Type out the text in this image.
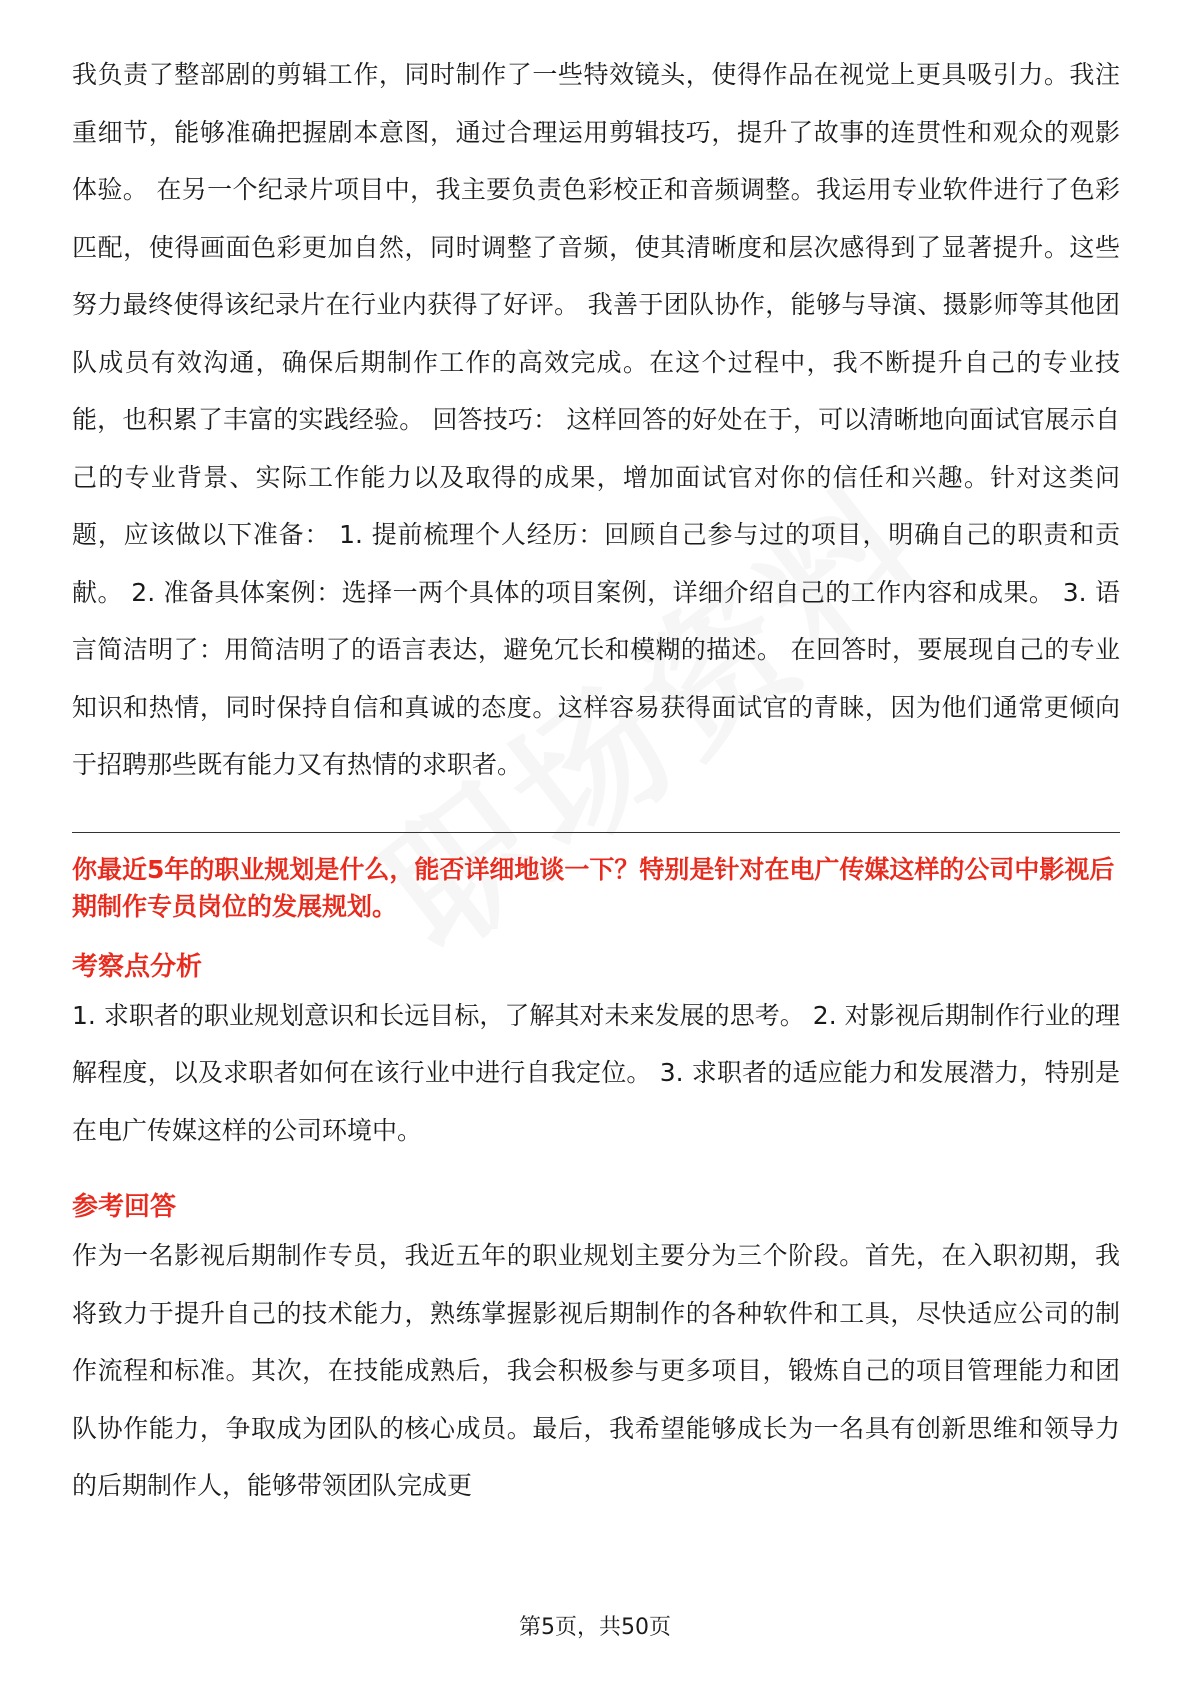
我负责了整部剧的剪辑工作，同时制作了一些特效镜头，使得作品在视觉上更具吸引力。我注重细节，能够准确把握剧本意图，通过合理运用剪辑技巧，提升了故事的连贯性和观众的观影体验。 在另一个纪录片项目中，我主要负责色彩校正和音频调整。我运用专业软件进行了色彩匹配，使得画面色彩更加自然，同时调整了音频，使其清晰度和层次感得到了显著提升。这些努力最终使得该纪录片在行业内获得了好评。 我善于团队协作，能够与导演、摄影师等其他团队成员有效沟通，确保后期制作工作的高效完成。在这个过程中，我不断提升自己的专业技能，也积累了丰富的实践经验。 回答技巧： 这样回答的好处在于，可以清晰地向面试官展示自己的专业背景、实际工作能力以及取得的成果，增加面试官对你的信任和兴趣。针对这类问题，应该做以下准备： 1. 提前梳理个人经历：回顾自己参与过的项目，明确自己的职责和贡献。 2. 准备具体案例：选择一两个具体的项目案例，详细介绍自己的工作内容和成果。 3. 语言简洁明了：用简洁明了的语言表达，避免冗长和模糊的描述。 在回答时，要展现自己的专业知识和热情，同时保持自信和真诚的态度。这样容易获得面试官的青睐，因为他们通常更倾向于招聘那些既有能力又有热情的求职者。

你最近5年的职业规划是什么，能否详细地谈一下？特别是针对在电广传媒这样的公司中影视后期制作专员岗位的发展规划。

考察点分析

1. 求职者的职业规划意识和长远目标，了解其对未来发展的思考。 2. 对影视后期制作行业的理解程度，以及求职者如何在该行业中进行自我定位。 3. 求职者的适应能力和发展潜力，特别是在电广传媒这样的公司环境中。

参考回答

作为一名影视后期制作专员，我近五年的职业规划主要分为三个阶段。首先，在入职初期，我将致力于提升自己的技术能力，熟练掌握影视后期制作的各种软件和工具，尽快适应公司的制作流程和标准。其次，在技能成熟后，我会积极参与更多项目，锻炼自己的项目管理能力和团队协作能力，争取成为团队的核心成员。最后，我希望能够成长为一名具有创新思维和领导力的后期制作人，能够带领团队完成更

第5页，共50页
